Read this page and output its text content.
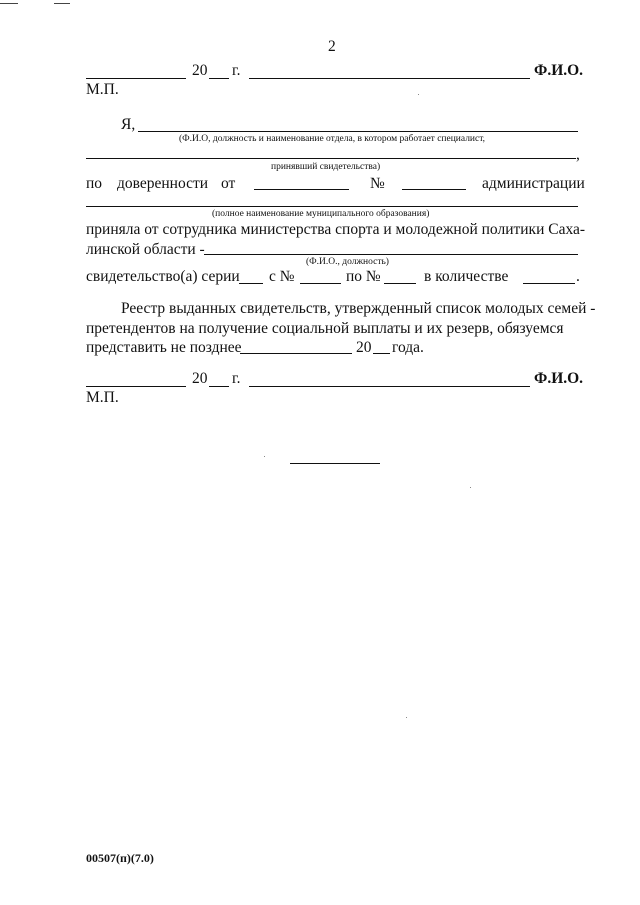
2
20 г.	Ф.И.О.
М.П.
Я,
(Ф.И.О, должность и наименование отдела, в котором работает специалист,
,
принявший свидетельства)
по доверенности от	№	администрации
(полное наименование муниципального образования)
приняла от сотрудника министерства спорта и молодежной политики Саха-
линской области -
(Ф.И.О., должность)
свидетельство(а) серии с №	по №	в количестве	.
Реестр выданных свидетельств, утвержденный список молодых семей -
претендентов на получение социальной выплаты и их резерв, обязуемся
представить не позднее	20 года.
20 г.	Ф.И.О.
М.П.
00507(п)(7.0)
